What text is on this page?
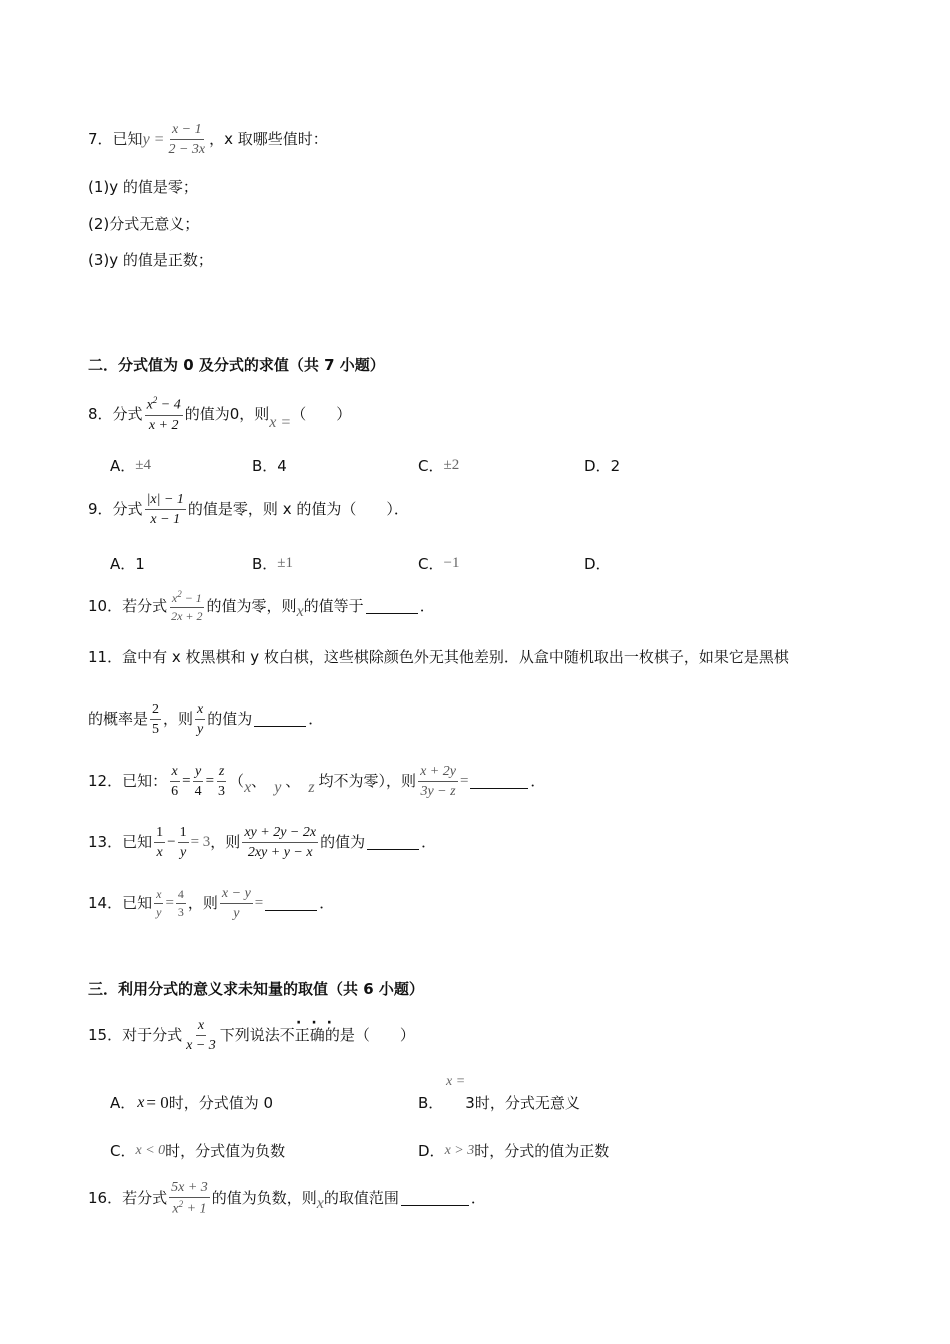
7． 已知 $y = \frac{x - 1}{2 - 3x}$ ，x 取哪些值时：
(1)y 的值是零；
(2)分式无意义；
(3)y 的值是正数；
二．分式值为 0 及分式的求值（共 7 小题）
8． 分式 $\frac{x^2 - 4}{x + 2}$ 的值为0，则 x = （　　）
A． ±4	B． 4	C． ±2	D． 2
9． 分式 $\frac{|x| - 1}{x - 1}$ 的值是零，则 x 的值为（　　）．
A． 1	B． ±1	C． −1	D．
10． 若分式 $\frac{x^2 - 1}{2x + 2}$ 的值为零，则 x 的值等于	．
11． 盒中有 x 枚黑棋和 y 枚白棋，这些棋除颜色外无其他差别．从盒中随机取出一枚棋子，如果它是黑棋
的概率是 $\frac{2}{5}$ ，则 $\frac{x}{y}$ 的值为	．
12． 已知： $\frac{x}{6} = \frac{y}{4} = \frac{z}{3}$ （ x 、 y 、 z 均不为零），则 $\frac{x + 2y}{3y - z}$ =	．
13． 已知 $\frac{1}{x} - \frac{1}{y} = 3$ ，则 $\frac{xy + 2y - 2x}{2xy + y - x}$ 的值为	．
14． 已知 $\frac{x}{y} = \frac{4}{3}$ ，则 $\frac{x - y}{y}$ =	．
三．利用分式的意义求未知量的取值（共 6 小题）
15． 对于分式 $\frac{x}{x - 3}$ 下列说法 不正确 的是（　　）
···
A． x = 0 时，分式值为 0	B．
x =
3时，分式无意义
C． x < 0 时，分式值为负数	D． x > 3 时，分式的值为正数
16． 若分式 $\frac{5x + 3}{x^2 + 1}$ 的值为负数，则 x 的取值范围	．
